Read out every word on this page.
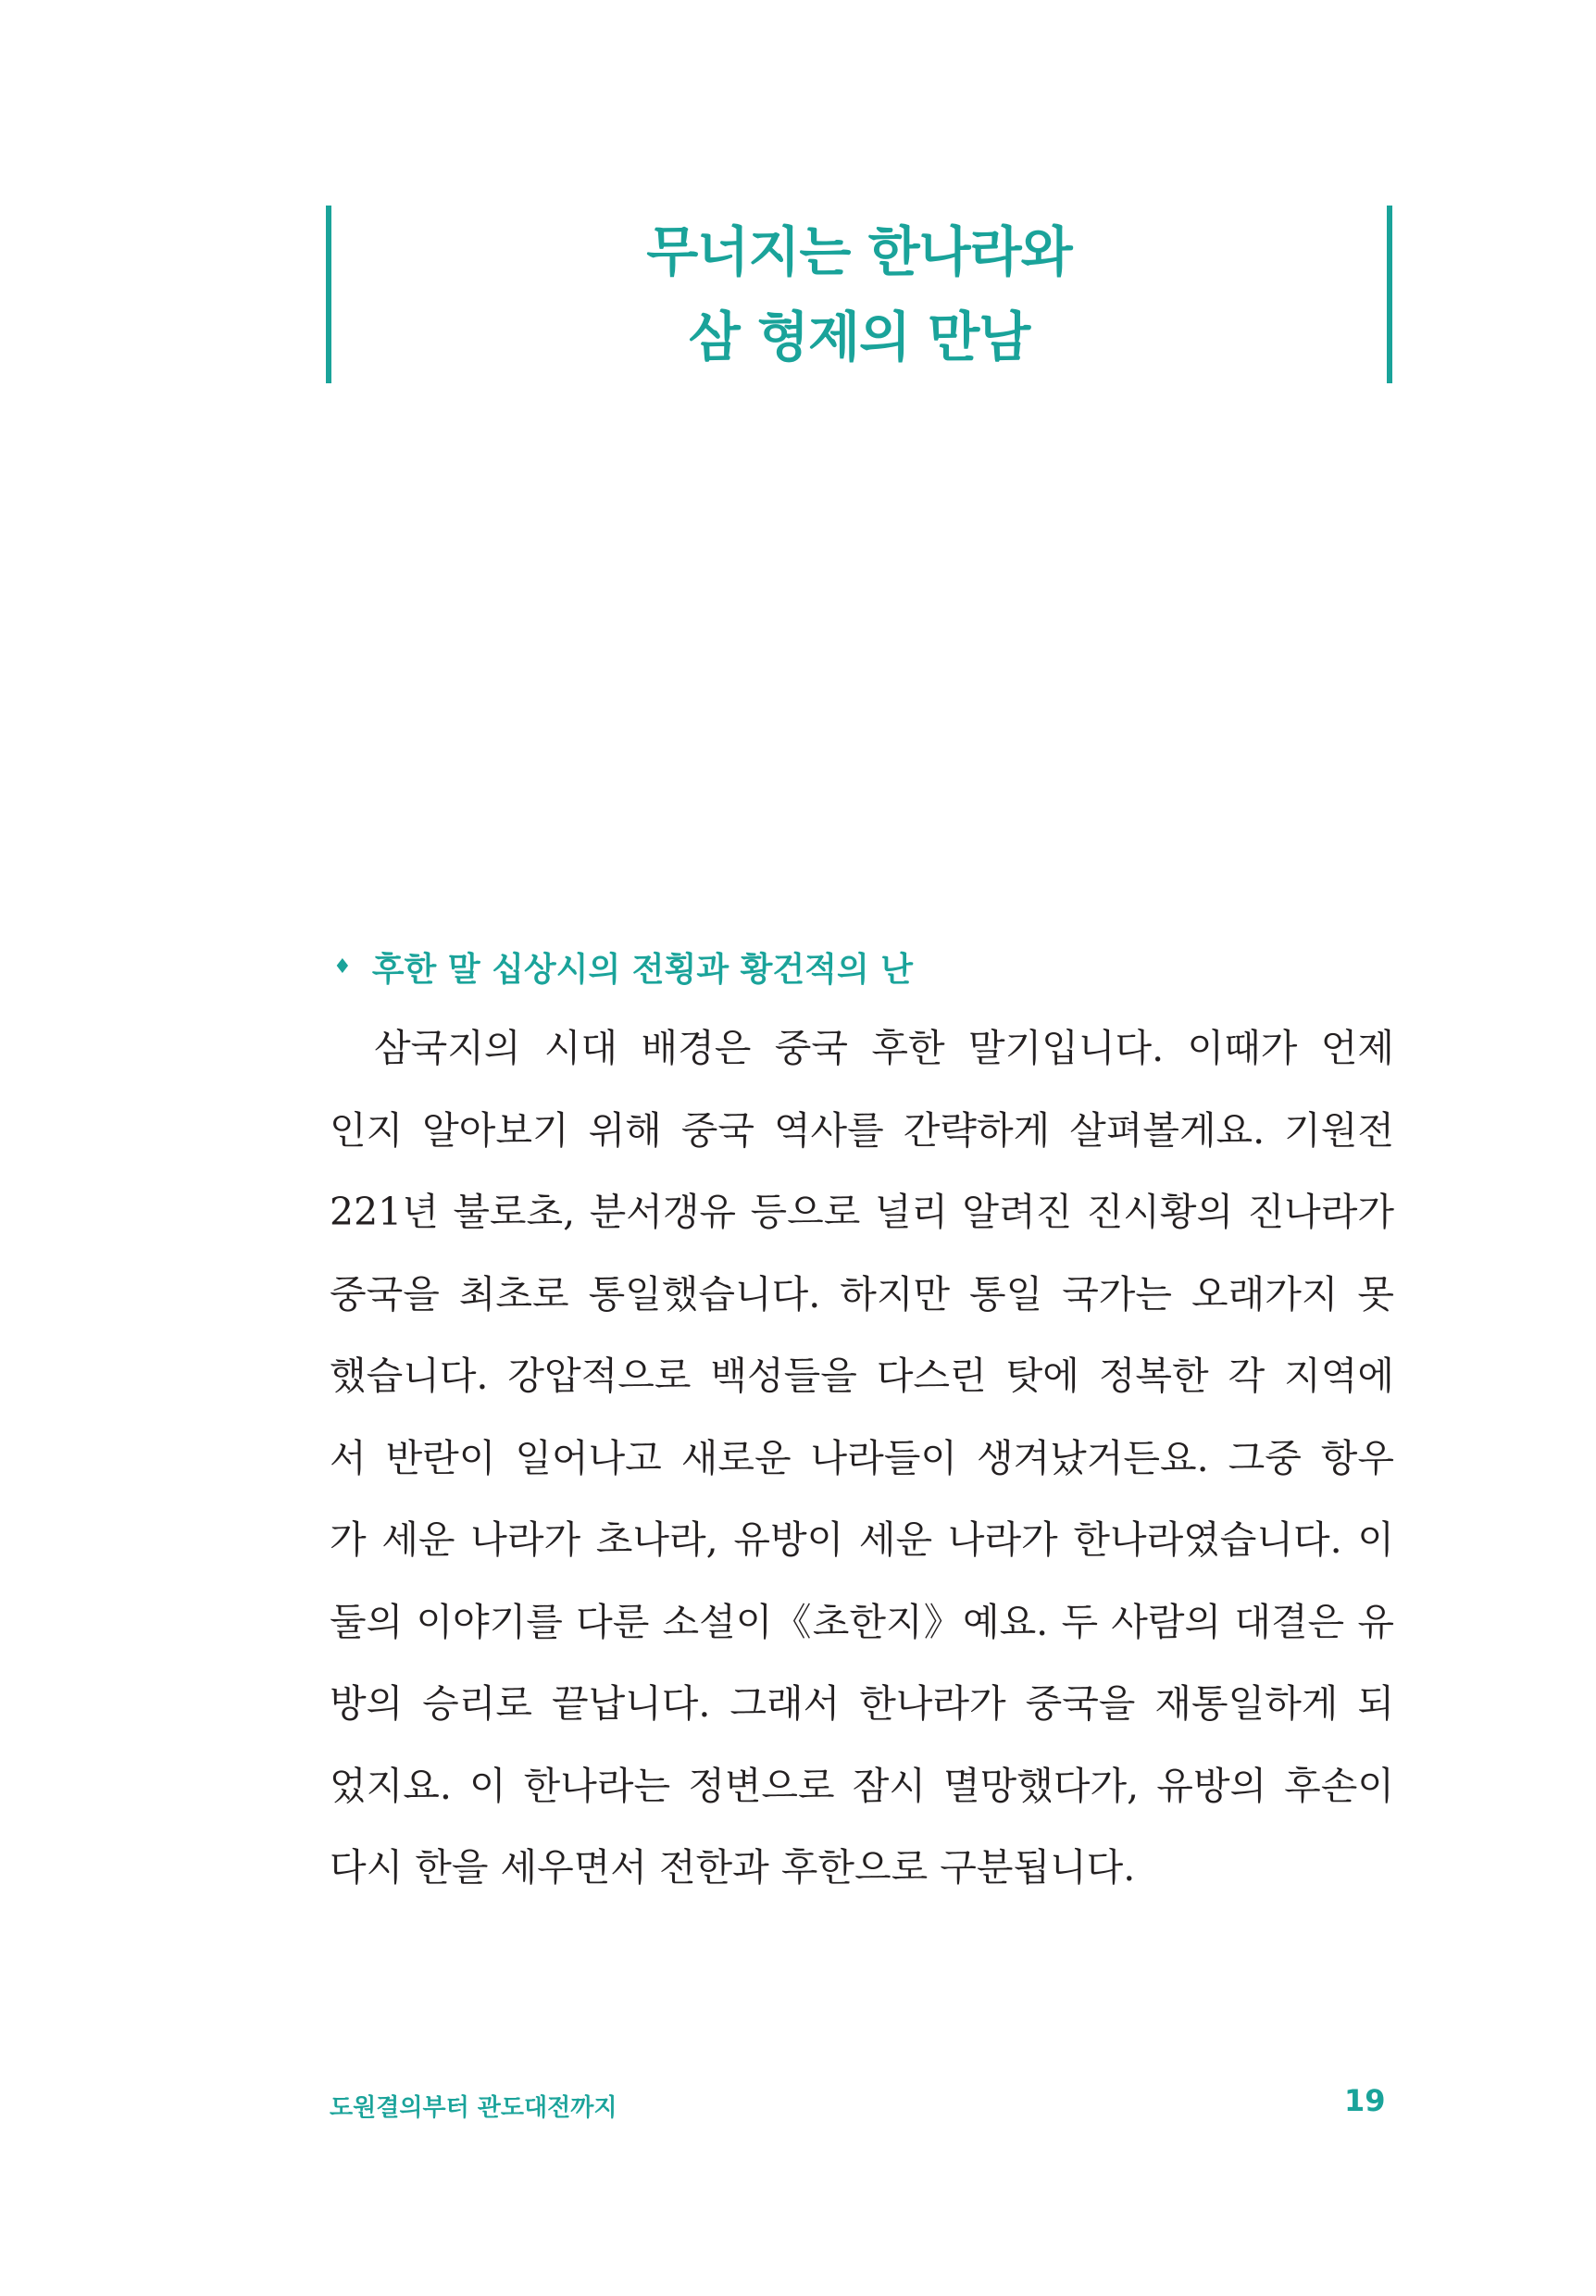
무너지는 한나라와
삼 형제의 만남
♦ 후한 말 십상시의 전횡과 황건적의 난
삼국지의 시대 배경은 중국 후한 말기입니다. 이때가 언제
인지 알아보기 위해 중국 역사를 간략하게 살펴볼게요. 기원전
221년 불로초, 분서갱유 등으로 널리 알려진 진시황의 진나라가
중국을 최초로 통일했습니다. 하지만 통일 국가는 오래가지 못
했습니다. 강압적으로 백성들을 다스린 탓에 정복한 각 지역에
서 반란이 일어나고 새로운 나라들이 생겨났거든요. 그중 항우
가 세운 나라가 초나라, 유방이 세운 나라가 한나라였습니다. 이
둘의 이야기를 다룬 소설이《초한지》예요. 두 사람의 대결은 유
방의 승리로 끝납니다. 그래서 한나라가 중국을 재통일하게 되
었지요. 이 한나라는 정변으로 잠시 멸망했다가, 유방의 후손이
다시 한을 세우면서 전한과 후한으로 구분됩니다.
도원결의부터 관도대전까지	19
